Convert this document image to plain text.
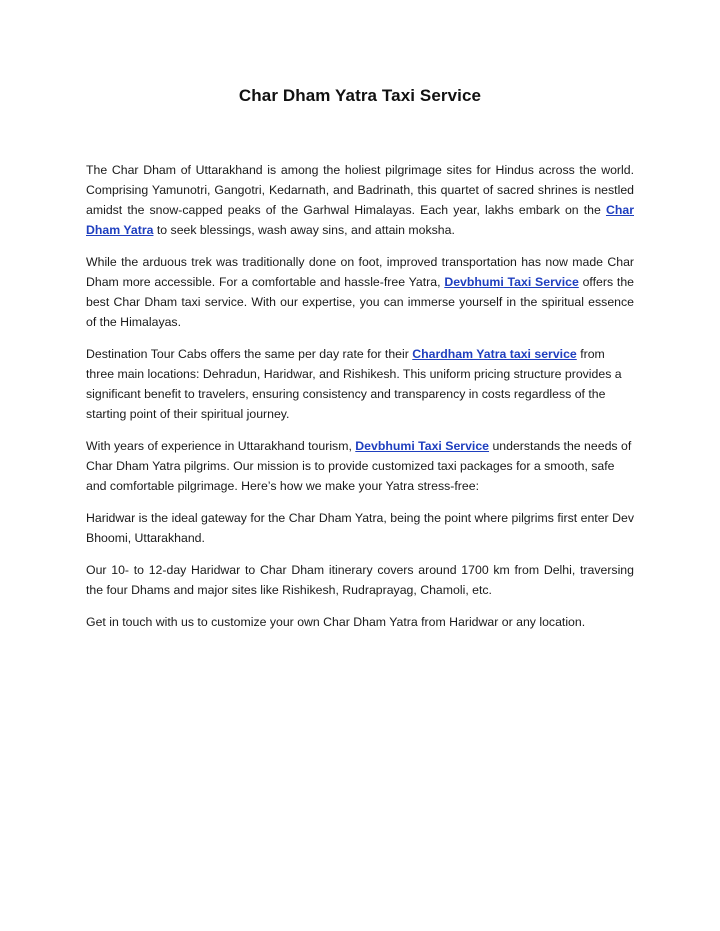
Char Dham Yatra Taxi Service

The Char Dham of Uttarakhand is among the holiest pilgrimage sites for Hindus across the world. Comprising Yamunotri, Gangotri, Kedarnath, and Badrinath, this quartet of sacred shrines is nestled amidst the snow-capped peaks of the Garhwal Himalayas. Each year, lakhs embark on the Char Dham Yatra to seek blessings, wash away sins, and attain moksha.

While the arduous trek was traditionally done on foot, improved transportation has now made Char Dham more accessible. For a comfortable and hassle-free Yatra, Devbhumi Taxi Service offers the best Char Dham taxi service. With our expertise, you can immerse yourself in the spiritual essence of the Himalayas.

Destination Tour Cabs offers the same per day rate for their Chardham Yatra taxi service from three main locations: Dehradun, Haridwar, and Rishikesh. This uniform pricing structure provides a significant benefit to travelers, ensuring consistency and transparency in costs regardless of the starting point of their spiritual journey.

With years of experience in Uttarakhand tourism, Devbhumi Taxi Service understands the needs of Char Dham Yatra pilgrims. Our mission is to provide customized taxi packages for a smooth, safe and comfortable pilgrimage. Here’s how we make your Yatra stress-free:

Haridwar is the ideal gateway for the Char Dham Yatra, being the point where pilgrims first enter Dev Bhoomi, Uttarakhand.

Our 10- to 12-day Haridwar to Char Dham itinerary covers around 1700 km from Delhi, traversing the four Dhams and major sites like Rishikesh, Rudraprayag, Chamoli, etc.

Get in touch with us to customize your own Char Dham Yatra from Haridwar or any location.
